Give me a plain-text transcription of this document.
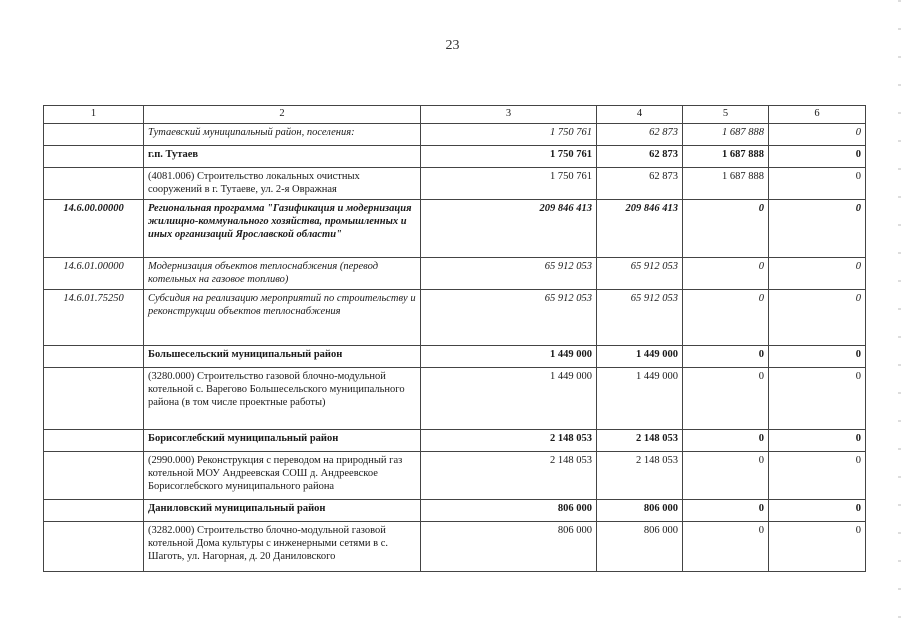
23
1	2	3	4	5	6
	Тутаевский муниципальный район, поселения:	1 750 761	62 873	1 687 888	0
	г.п. Тутаев	1 750 761	62 873	1 687 888	0
	(4081.006) Строительство локальных очистных сооружений в г. Тутаеве, ул. 2-я Овражная	1 750 761	62 873	1 687 888	0
14.6.00.00000	Региональная программа "Газификация и модернизация жилищно-коммунального хозяйства, промышленных и иных организаций Ярославской области"	209 846 413	209 846 413	0	0
14.6.01.00000	Модернизация объектов теплоснабжения (перевод котельных на газовое топливо)	65 912 053	65 912 053	0	0
14.6.01.75250	Субсидия на реализацию мероприятий по строительству и реконструкции объектов теплоснабжения	65 912 053	65 912 053	0	0
	Большесельский муниципальный район	1 449 000	1 449 000	0	0
	(3280.000) Строительство газовой блочно-модульной котельной с. Варегово Большесельского муниципального района (в том числе проектные работы)	1 449 000	1 449 000	0	0
	Борисоглебский муниципальный район	2 148 053	2 148 053	0	0
	(2990.000) Реконструкция с переводом на природный газ котельной МОУ Андреевская СОШ д. Андреевское Борисоглебского муниципального района	2 148 053	2 148 053	0	0
	Даниловский муниципальный район	806 000	806 000	0	0
	(3282.000) Строительство блочно-модульной газовой котельной Дома культуры с инженерными сетями в с. Шаготь, ул. Нагорная, д. 20 Даниловского	806 000	806 000	0	0
